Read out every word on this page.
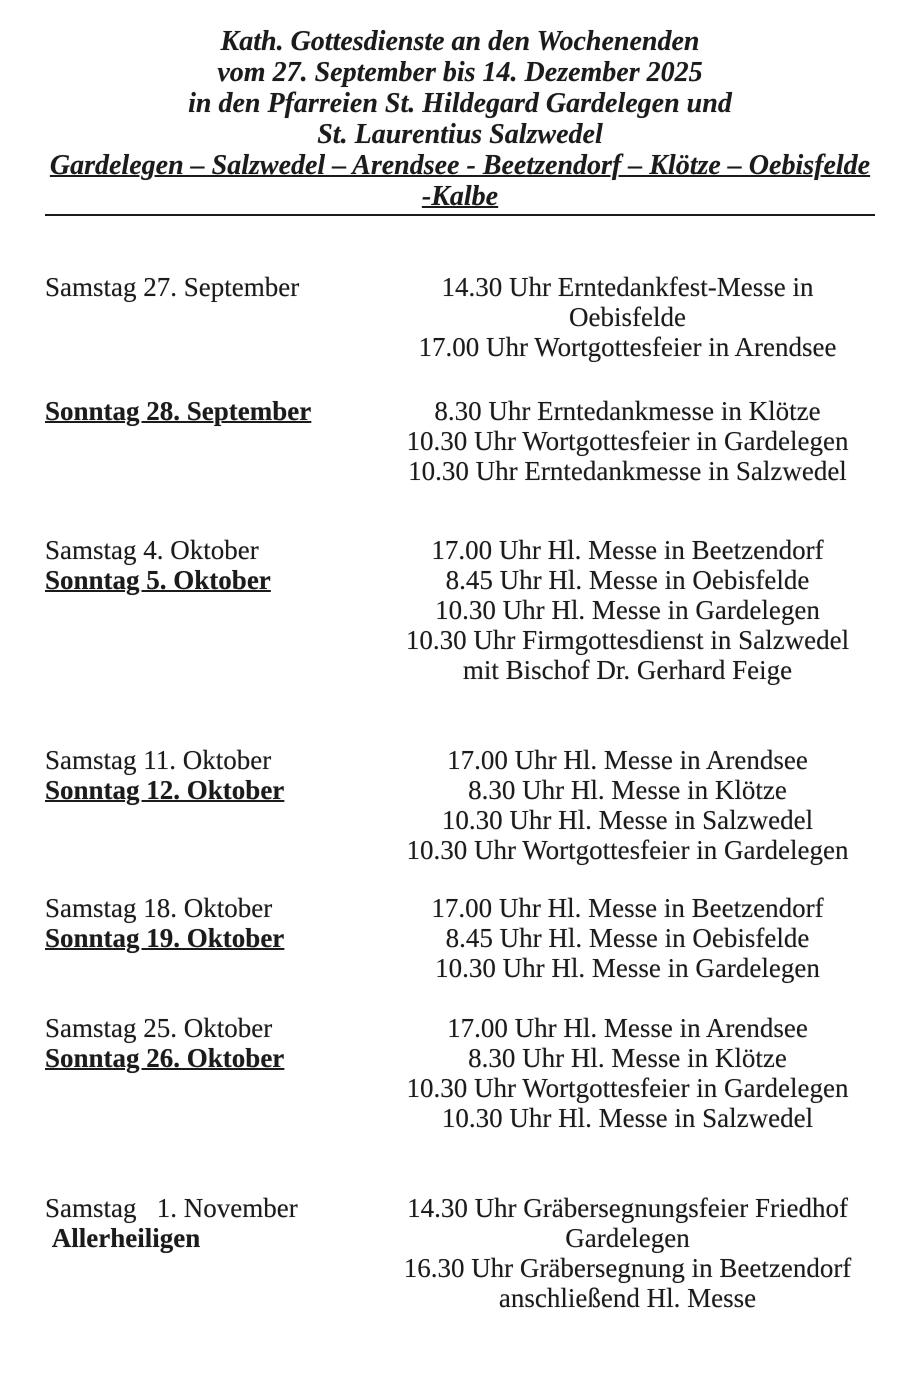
Kath. Gottesdienste an den Wochenenden
vom 27. September bis 14. Dezember 2025
in den Pfarreien St. Hildegard Gardelegen und
St. Laurentius Salzwedel
Gardelegen – Salzwedel – Arendsee - Beetzendorf – Klötze – Oebisfelde -Kalbe
Samstag 27. September	14.30 Uhr Erntedankfest-Messe in
Oebisfelde
17.00 Uhr Wortgottesfeier in Arendsee
Sonntag 28. September	8.30 Uhr Erntedankmesse in Klötze
10.30 Uhr Wortgottesfeier in Gardelegen
10.30 Uhr Erntedankmesse in Salzwedel
Samstag 4. Oktober
Sonntag 5. Oktober
17.00 Uhr Hl. Messe in Beetzendorf
8.45 Uhr Hl. Messe in Oebisfelde
10.30 Uhr Hl. Messe in Gardelegen
10.30 Uhr Firmgottesdienst in Salzwedel
mit Bischof Dr. Gerhard Feige
Samstag 11. Oktober
Sonntag 12. Oktober
17.00 Uhr Hl. Messe in Arendsee
8.30 Uhr Hl. Messe in Klötze
10.30 Uhr Hl. Messe in Salzwedel
10.30 Uhr Wortgottesfeier in Gardelegen
Samstag 18. Oktober
Sonntag 19. Oktober
17.00 Uhr Hl. Messe in Beetzendorf
8.45 Uhr Hl. Messe in Oebisfelde
10.30 Uhr Hl. Messe in Gardelegen
Samstag 25. Oktober
Sonntag 26. Oktober
17.00 Uhr Hl. Messe in Arendsee
8.30 Uhr Hl. Messe in Klötze
10.30 Uhr Wortgottesfeier in Gardelegen
10.30 Uhr Hl. Messe in Salzwedel
Samstag   1. November
Allerheiligen
14.30 Uhr Gräbersegnungsfeier Friedhof
Gardelegen
16.30 Uhr Gräbersegnung in Beetzendorf
anschließend Hl. Messe
